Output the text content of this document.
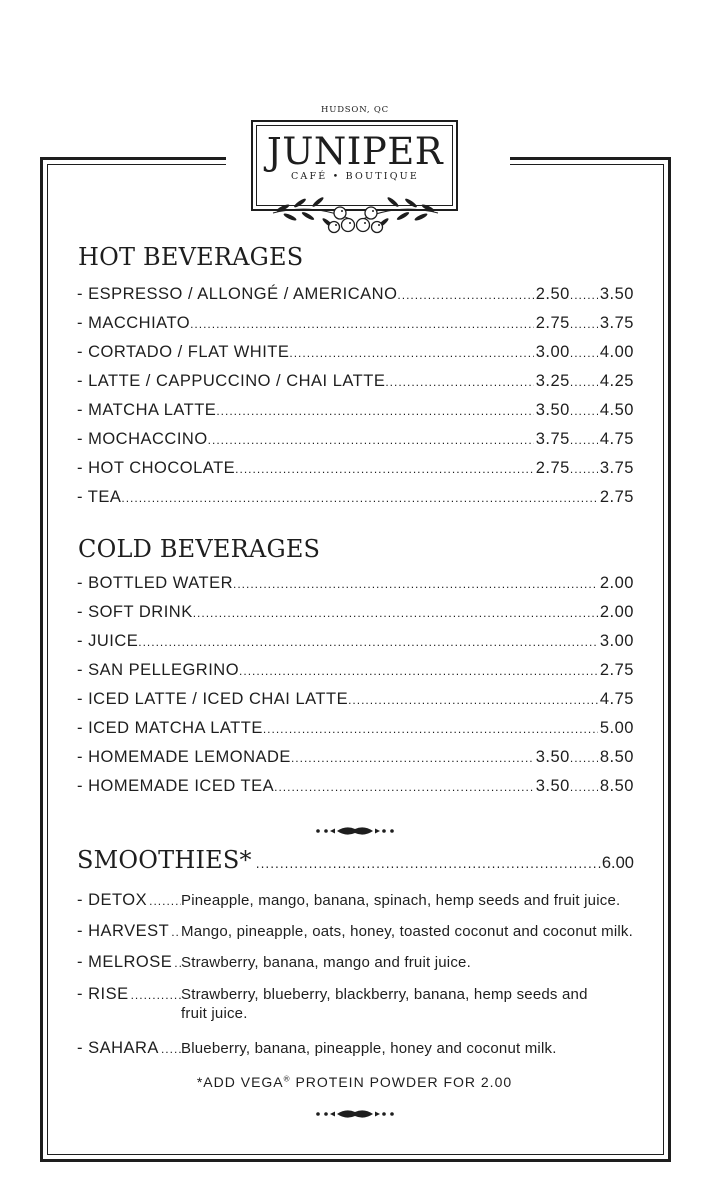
HUDSON, QC
JUNIPER
CAFÉ • BOUTIQUE
HOT BEVERAGES
- ESPRESSO / ALLONGÉ / AMERICANO .....	2.50 ..... 3.50
- MACCHIATO .....	2.75 ..... 3.75
- CORTADO / FLAT WHITE .....	3.00 ..... 4.00
- LATTE / CAPPUCCINO / CHAI LATTE .....	3.25 ..... 4.25
- MATCHA LATTE .....	3.50 ..... 4.50
- MOCHACCINO .....	3.75 ..... 4.75
- HOT CHOCOLATE .....	2.75 ..... 3.75
- TEA .....	2.75
COLD BEVERAGES
- BOTTLED WATER .....	2.00
- SOFT DRINK .....	2.00
- JUICE .....	3.00
- SAN PELLEGRINO .....	2.75
- ICED LATTE / ICED CHAI LATTE .....	4.75
- ICED MATCHA LATTE .....	5.00
- HOMEMADE LEMONADE .....	3.50 ..... 8.50
- HOMEMADE ICED TEA .....	3.50 ..... 8.50
SMOOTHIES* .....	6.00
- DETOX ..... Pineapple, mango, banana, spinach, hemp seeds and fruit juice.
- HARVEST ..... Mango, pineapple, oats, honey, toasted coconut and coconut milk.
- MELROSE ..... Strawberry, banana, mango and fruit juice.
- RISE .....	Strawberry, blueberry, blackberry, banana, hemp seeds and fruit juice.
- SAHARA ..... Blueberry, banana, pineapple, honey and coconut milk.
*ADD VEGA® PROTEIN POWDER FOR 2.00
